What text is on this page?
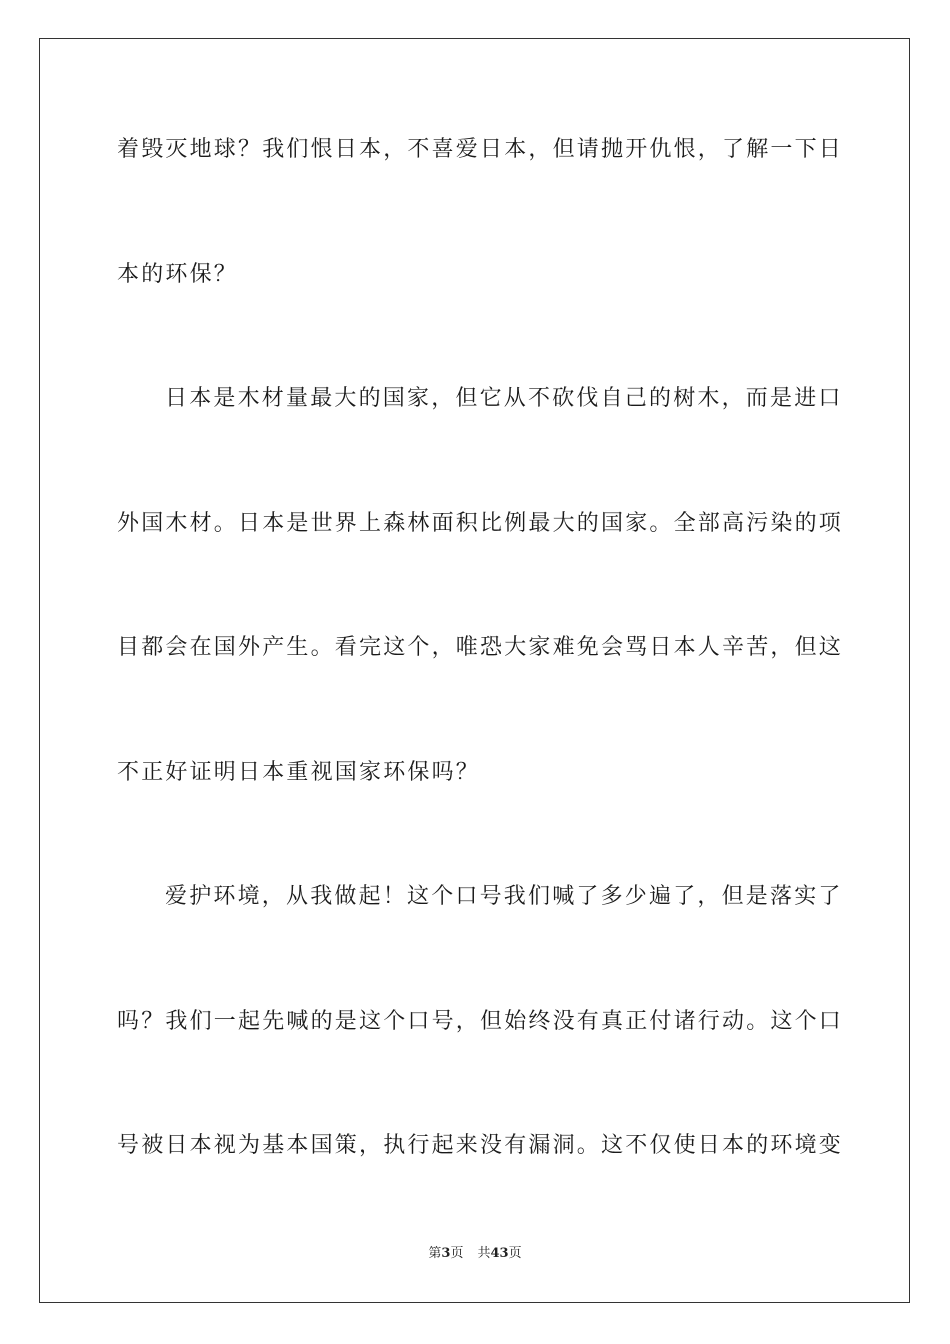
着毁灭地球？我们恨日本，不喜爱日本，但请抛开仇恨，了解一下日
本的环保？
日本是木材量最大的国家，但它从不砍伐自己的树木，而是进口
外国木材。日本是世界上森林面积比例最大的国家。全部高污染的项
目都会在国外产生。看完这个，唯恐大家难免会骂日本人辛苦，但这
不正好证明日本重视国家环保吗？
爱护环境，从我做起！这个口号我们喊了多少遍了，但是落实了
吗？我们一起先喊的是这个口号，但始终没有真正付诸行动。这个口
号被日本视为基本国策，执行起来没有漏洞。这不仅使日本的环境变
第3页 共43页
